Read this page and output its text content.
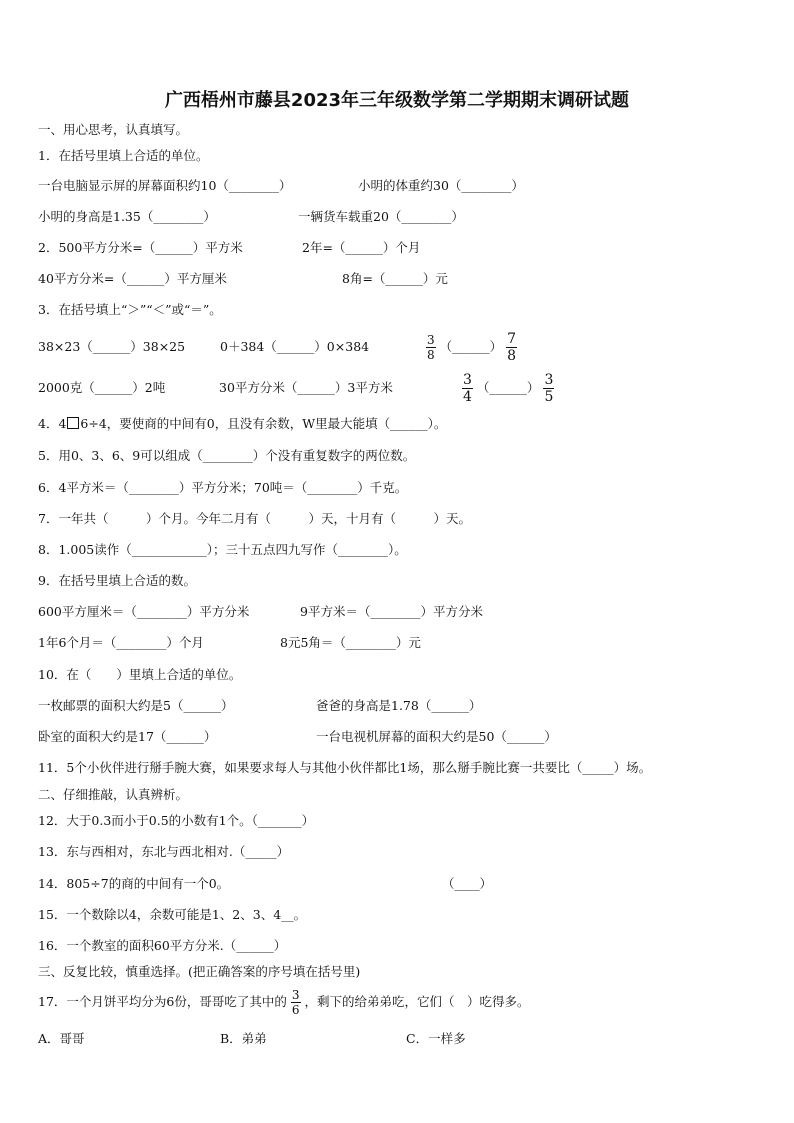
广西梧州市藤县2023年三年级数学第二学期期末调研试题
一、用心思考，认真填写。
1．在括号里填上合适的单位。
一台电脑显示屏的屏幕面积约10（________）	小明的体重约30（________）
小明的身高是1.35（________）	一辆货车载重20（________）
2．500平方分米=（______）平方米	2年=（______）个月
40平方分米=（______）平方厘米	8角=（______）元
3．在括号填上“＞”“＜”或“＝”。
38×23（______）38×25	0＋384（______）0×384	$\frac{3}{8}$ （______） $\frac{7}{8}$
2000克（______）2吨	30平方分米（______）3平方米	$\frac{3}{4}$ （______） $\frac{3}{5}$
4．4 6÷4，要使商的中间有0，且没有余数，W里最大能填（______）。
5．用0、3、6、9可以组成（________）个没有重复数字的两位数。
6．4平方米＝（________）平方分米；70吨＝（________）千克。
7．一年共（　　　）个月。今年二月有（　　　）天，十月有（　　　）天。
8．1.005读作（____________）；三十五点四九写作（________）。
9．在括号里填上合适的数。
600平方厘米＝（________）平方分米	9平方米＝（________）平方分米
1年6个月＝（________）个月	8元5角＝（________）元
10．在（　　）里填上合适的单位。
一枚邮票的面积大约是5（______）	爸爸的身高是1.78（______）
卧室的面积大约是17（______）	一台电视机屏幕的面积大约是50（______）
11．5个小伙伴进行掰手腕大赛，如果要求每人与其他小伙伴都比1场，那么掰手腕比赛一共要比（_____）场。
二、仔细推敲，认真辨析。
12．大于0.3而小于0.5的小数有1个。（_______）
13．东与西相对，东北与西北相对.（_____）
14．805÷7的商的中间有一个0。	（____）
15．一个数除以4，余数可能是1、2、3、4__。
16．一个教室的面积60平方分米.（______）
三、反复比较，慎重选择。(把正确答案的序号填在括号里)
17．一个月饼平均分为6份，哥哥吃了其中的 $\frac{3}{6}$ ，剩下的给弟弟吃，它们（　）吃得多。
A．哥哥	B．弟弟	C．一样多
